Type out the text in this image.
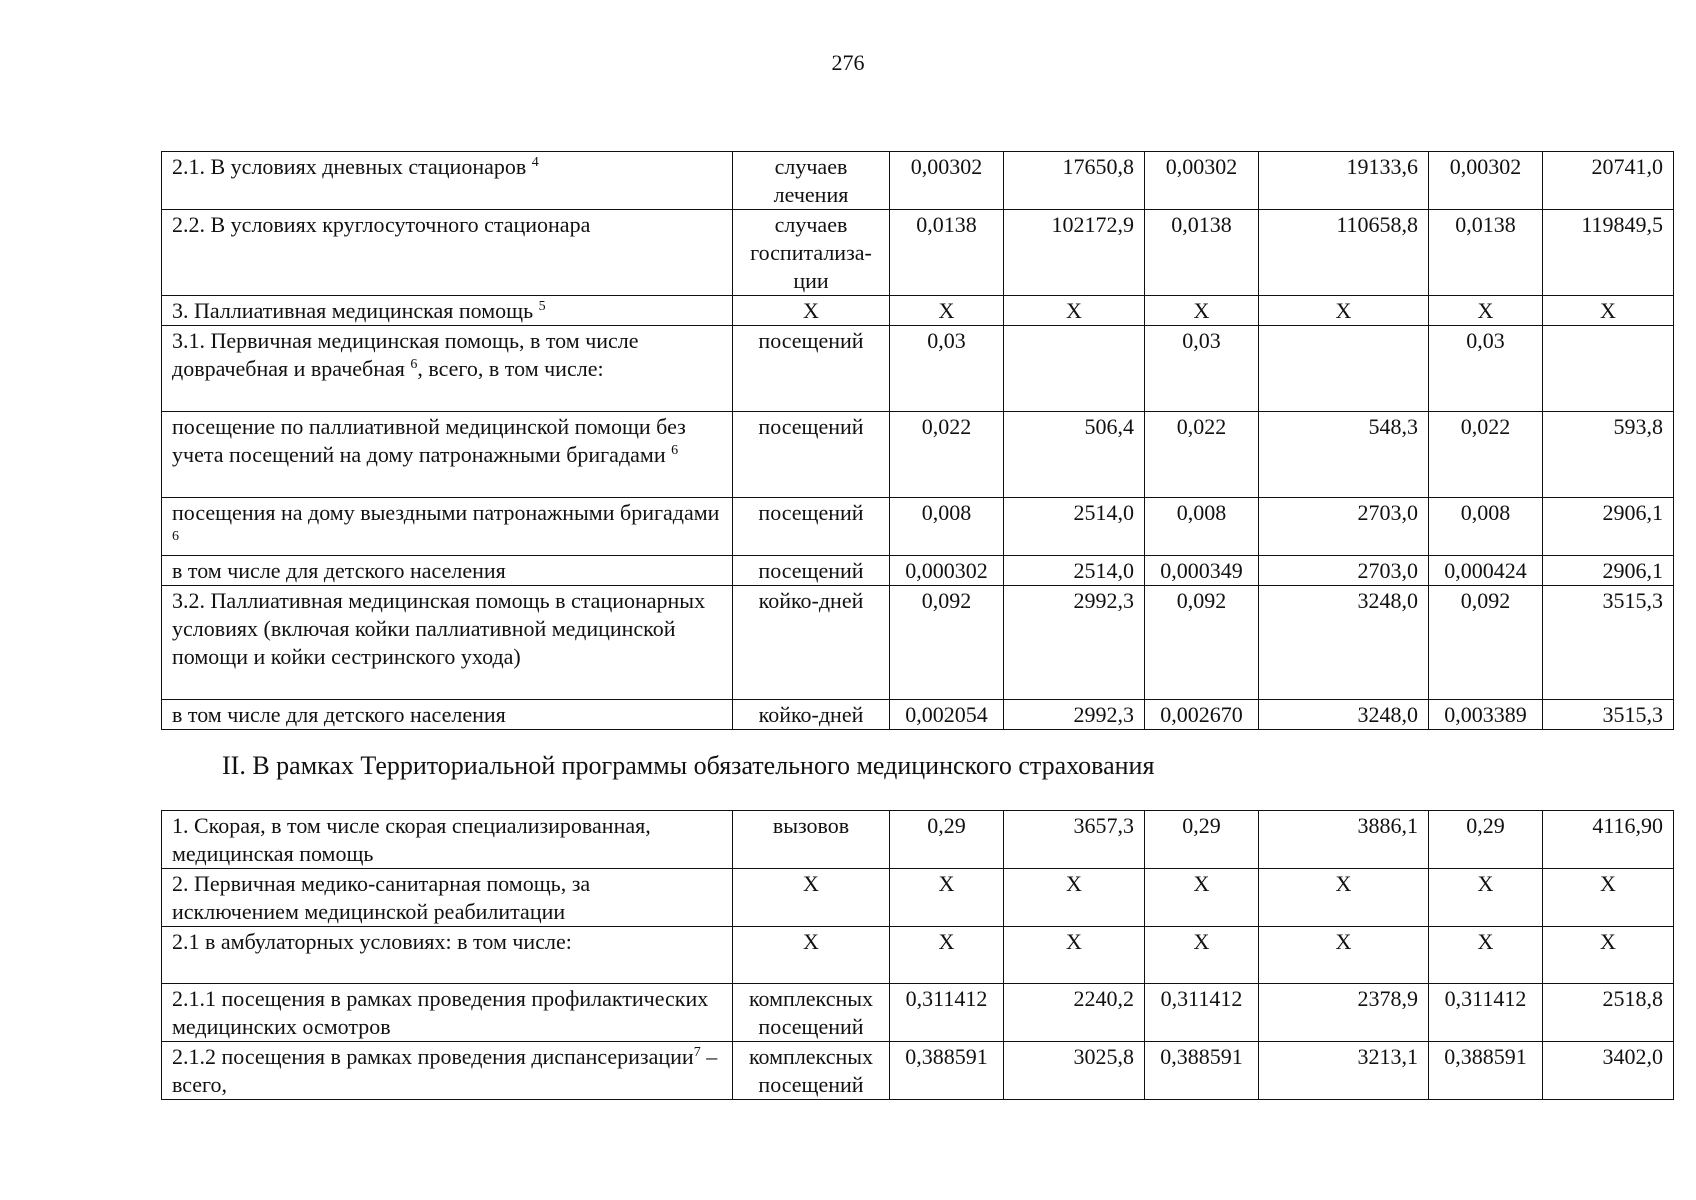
276
2.1. В условиях дневных стационаров $^4$	случаев лечения	0,00302	17650,8	0,00302	19133,6	0,00302	20741,0
2.2. В условиях круглосуточного стационара	случаев госпитализа-ции	0,0138	102172,9	0,0138	110658,8	0,0138	119849,5
3. Паллиативная медицинская помощь $^5$	Х	Х	Х	Х	Х	Х	Х
3.1. Первичная медицинская помощь, в том числе доврачебная и врачебная $^6$, всего, в том числе:	посещений	0,03		0,03		0,03	
посещение по паллиативной медицинской помощи без учета посещений на дому патронажными бригадами $^6$	посещений	0,022	506,4	0,022	548,3	0,022	593,8
посещения на дому выездными патронажными бригадами $^6$	посещений	0,008	2514,0	0,008	2703,0	0,008	2906,1
в том числе для детского населения	посещений	0,000302	2514,0	0,000349	2703,0	0,000424	2906,1
3.2. Паллиативная медицинская помощь в стационарных условиях (включая койки паллиативной медицинской помощи и койки сестринского ухода)	койко-дней	0,092	2992,3	0,092	3248,0	0,092	3515,3
в том числе для детского населения	койко-дней	0,002054	2992,3	0,002670	3248,0	0,003389	3515,3
II. В рамках Территориальной программы обязательного медицинского страхования
1. Скорая, в том числе скорая специализированная, медицинская помощь	вызовов	0,29	3657,3	0,29	3886,1	0,29	4116,90
2. Первичная медико-санитарная помощь, за исключением медицинской реабилитации	Х	Х	Х	Х	Х	Х	Х
2.1 в амбулаторных условиях: в том числе:	Х	Х	Х	Х	Х	Х	Х
2.1.1 посещения в рамках проведения профилактических медицинских осмотров	комплексных посещений	0,311412	2240,2	0,311412	2378,9	0,311412	2518,8
2.1.2 посещения в рамках проведения диспансеризации$^7$ – всего,	комплексных посещений	0,388591	3025,8	0,388591	3213,1	0,388591	3402,0
